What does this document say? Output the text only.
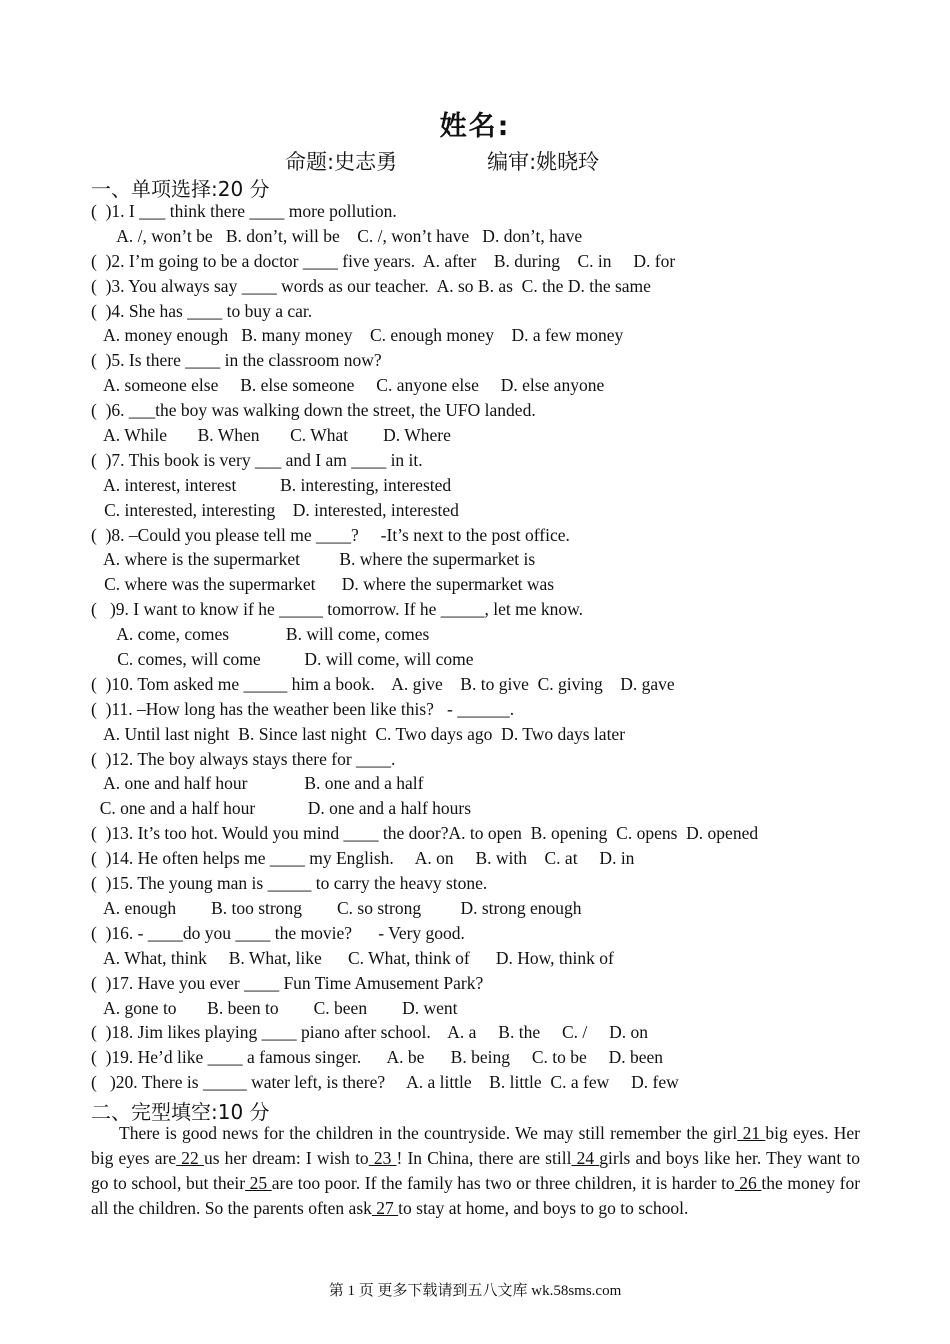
姓名:
命题:史志勇	编审:姚晓玲
一、单项选择:20 分
(  )1. I ___ think there ____ more pollution.
A. /, won’t be   B. don’t, will be    C. /, won’t have   D. don’t, have
(  )2. I’m going to be a doctor ____ five years.  A. after    B. during    C. in     D. for
(  )3. You always say ____ words as our teacher.  A. so B. as  C. the D. the same
(  )4. She has ____ to buy a car.
A. money enough   B. many money    C. enough money    D. a few money
(  )5. Is there ____ in the classroom now?
A. someone else     B. else someone     C. anyone else     D. else anyone
(  )6. ___the boy was walking down the street, the UFO landed.
A. While       B. When       C. What        D. Where
(  )7. This book is very ___ and I am ____ in it.
A. interest, interest          B. interesting, interested
C. interested, interesting    D. interested, interested
(  )8. –Could you please tell me ____?     -It’s next to the post office.
A. where is the supermarket         B. where the supermarket is
C. where was the supermarket      D. where the supermarket was
(   )9. I want to know if he _____ tomorrow. If he _____, let me know.
A. come, comes             B. will come, comes
C. comes, will come          D. will come, will come
(  )10. Tom asked me _____ him a book.    A. give    B. to give  C. giving    D. gave
(  )11. –How long has the weather been like this?   - ______.
A. Until last night  B. Since last night  C. Two days ago  D. Two days later
(  )12. The boy always stays there for ____.
A. one and half hour             B. one and a half
C. one and a half hour            D. one and a half hours
(  )13. It’s too hot. Would you mind ____ the door?A. to open  B. opening  C. opens  D. opened
(  )14. He often helps me ____ my English.     A. on     B. with    C. at     D. in
(  )15. The young man is _____ to carry the heavy stone.
A. enough        B. too strong        C. so strong         D. strong enough
(  )16. - ____do you ____ the movie?      - Very good.
A. What, think     B. What, like      C. What, think of      D. How, think of
(  )17. Have you ever ____ Fun Time Amusement Park?
A. gone to       B. been to        C. been        D. went
(  )18. Jim likes playing ____ piano after school.    A. a     B. the     C. /     D. on
(  )19. He’d like ____ a famous singer.      A. be      B. being     C. to be     D. been
(   )20. There is _____ water left, is there?     A. a little    B. little  C. a few     D. few
二、完型填空:10 分
There is good news for the children in the countryside. We may still remember the girl 21 big eyes. Her big eyes are 22 us her dream: I wish to 23 ! In China, there are still 24 girls and boys like her. They want to go to school, but their 25 are too poor. If the family has two or three children, it is harder to 26 the money for all the children. So the parents often ask 27 to stay at home, and boys to go to school.
第 1 页 更多下载请到五八文库 wk.58sms.com
